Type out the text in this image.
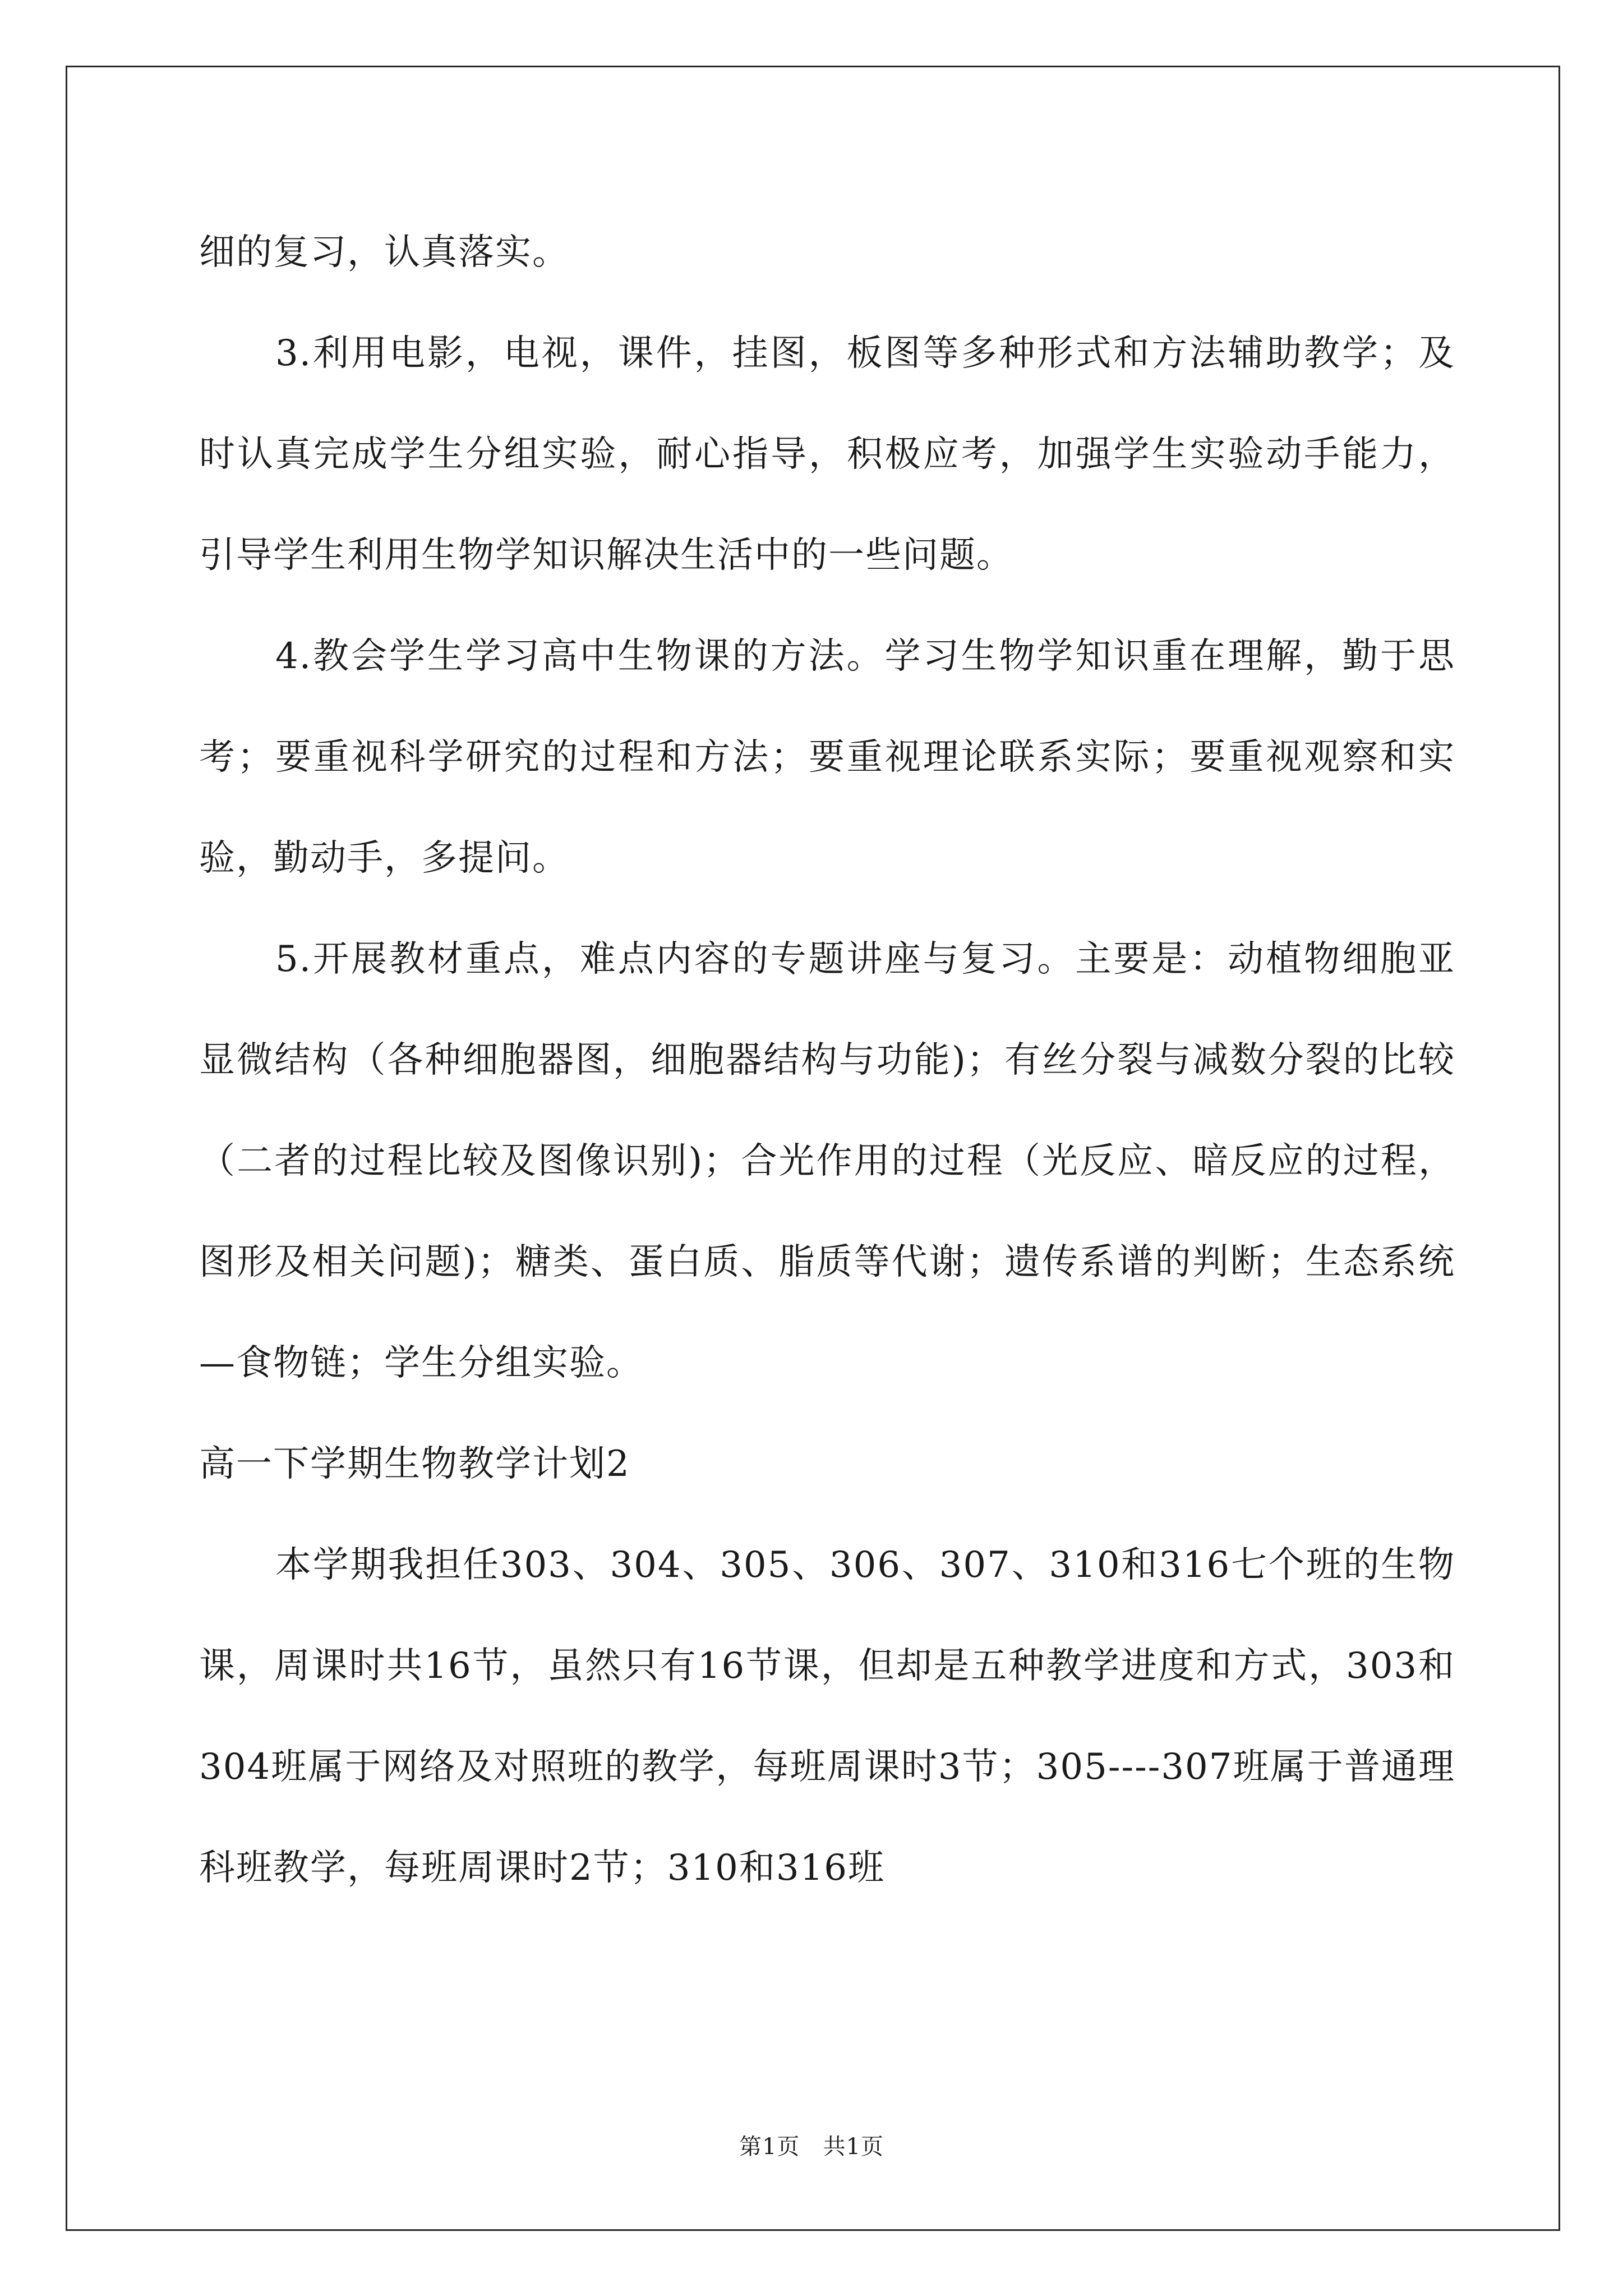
细的复习，认真落实。

3.利用电影，电视，课件，挂图，板图等多种形式和方法辅助教学；及时认真完成学生分组实验，耐心指导，积极应考，加强学生实验动手能力，引导学生利用生物学知识解决生活中的一些问题。

4.教会学生学习高中生物课的方法。学习生物学知识重在理解，勤于思考；要重视科学研究的过程和方法；要重视理论联系实际；要重视观察和实验，勤动手，多提问。

5.开展教材重点，难点内容的专题讲座与复习。主要是：动植物细胞亚显微结构（各种细胞器图，细胞器结构与功能)；有丝分裂与减数分裂的比较（二者的过程比较及图像识别)；合光作用的过程（光反应、暗反应的过程，图形及相关问题)；糖类、蛋白质、脂质等代谢；遗传系谱的判断；生态系统—食物链；学生分组实验。

高一下学期生物教学计划2

本学期我担任303、304、305、306、307、310和316七个班的生物课，周课时共16节，虽然只有16节课，但却是五种教学进度和方式，303和304班属于网络及对照班的教学，每班周课时3节；305----307班属于普通理科班教学，每班周课时2节；310和316班

第1页 共1页
